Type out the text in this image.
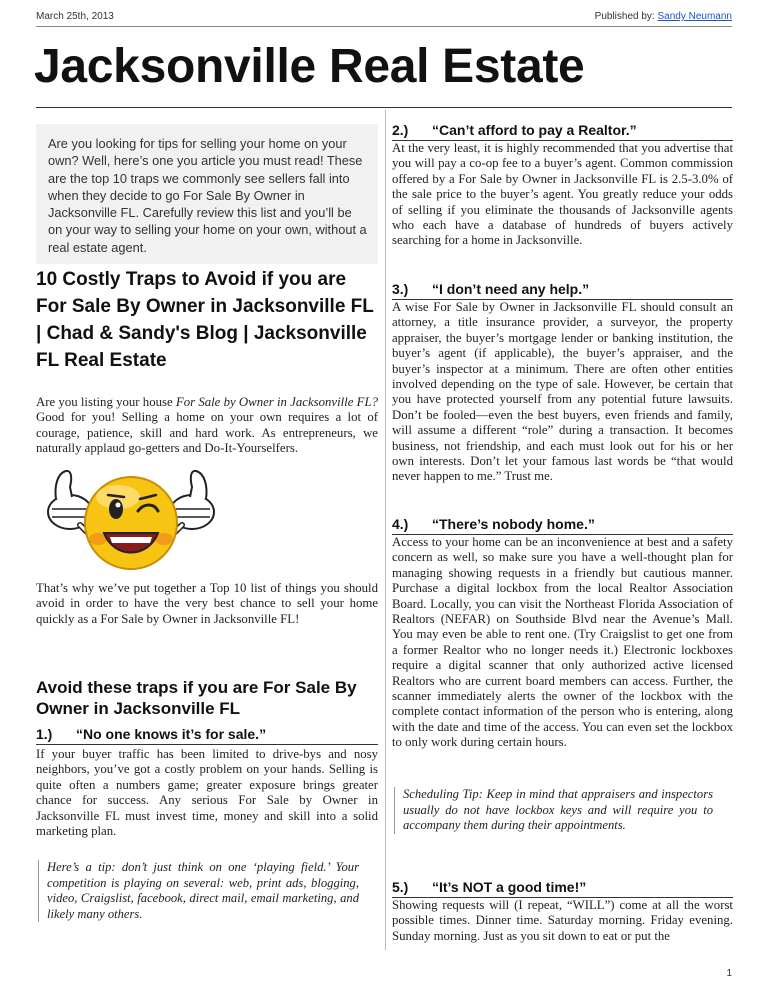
March 25th, 2013	Published by: Sandy Neumann
Jacksonville Real Estate
Are you looking for tips for selling your home on your own? Well, here’s one you article you must read! These are the top 10 traps we commonly see sellers fall into when they decide to go For Sale By Owner in Jacksonville FL. Carefully review this list and you’ll be on your way to selling your home on your own, without a real estate agent.
10 Costly Traps to Avoid if you are For Sale By Owner in Jacksonville FL | Chad & Sandy's Blog | Jacksonville FL Real Estate

Are you listing your house For Sale by Owner in Jacksonville FL?Good for you! Selling a home on your own requires a lot of courage, patience, skill and hard work. As entrepreneurs, we naturally applaud go-getters and Do-It-Yourselfers.

That’s why we’ve put together a Top 10 list of things you should avoid in order to have the very best chance to sell your home quickly as a For Sale by Owner in Jacksonville FL!

Avoid these traps if you are For Sale By Owner in Jacksonville FL
1.)	“No one knows it’s for sale.”

If your buyer traffic has been limited to drive-bys and nosy neighbors, you’ve got a costly problem on your hands. Selling is quite often a numbers game; greater exposure brings greater chance for success. Any serious For Sale by Owner in Jacksonville FL must invest time, money and skill into a solid marketing plan.

Here’s a tip: don’t just think on one ‘playing field.’ Your competition is playing on several: web, print ads, blogging, video, Craigslist, facebook, direct mail, email marketing, and likely many others.
2.)	“Can’t afford to pay a Realtor.”

At the very least, it is highly recommended that you advertise that you will pay a co-op fee to a buyer’s agent. Common commission offered by a For Sale by Owner in Jacksonville FL is 2.5-3.0% of the sale price to the buyer’s agent. You greatly reduce your odds of selling if you eliminate the thousands of Jacksonville agents who each have a database of hundreds of buyers actively searching for a home in Jacksonville.

3.)	“I don’t need any help.”

A wise For Sale by Owner in Jacksonville FL should consult an attorney, a title insurance provider, a surveyor, the property appraiser, the buyer’s mortgage lender or banking institution, the buyer’s agent (if applicable), the buyer’s appraiser, and the buyer’s inspector at a minimum. There are often other entities involved depending on the type of sale. However, be certain that you have protected yourself from any potential future lawsuits. Don’t be fooled—even the best buyers, even friends and family, will assume a different “role” during a transaction. It becomes business, not friendship, and each must look out for his or her own interests. Don’t let your famous last words be “that would never happen to me.” Trust me.

4.)	“There’s nobody home.”

Access to your home can be an inconvenience at best and a safety concern as well, so make sure you have a well-thought plan for managing showing requests in a friendly but cautious manner. Purchase a digital lockbox from the local Realtor Association Board. Locally, you can visit the Northeast Florida Association of Realtors (NEFAR) on Southside Blvd near the Avenue’s Mall. You may even be able to rent one. (Try Craigslist to get one from a former Realtor who no longer needs it.) Electronic lockboxes require a digital scanner that only authorized active licensed Realtors who are current board members can access. Further, the scanner immediately alerts the owner of the lockbox with the complete contact information of the person who is entering, along with the date and time of the access. You can even set the lockbox to only work during certain hours.

Scheduling Tip: Keep in mind that appraisers and inspectors usually do not have lockbox keys and will require you to accompany them during their appointments.
5.)	“It’s NOT a good time!”

Showing requests will (I repeat, “WILL”) come at all the worst possible times. Dinner time. Saturday morning. Friday evening. Sunday morning. Just as you sit down to eat or put the

1
